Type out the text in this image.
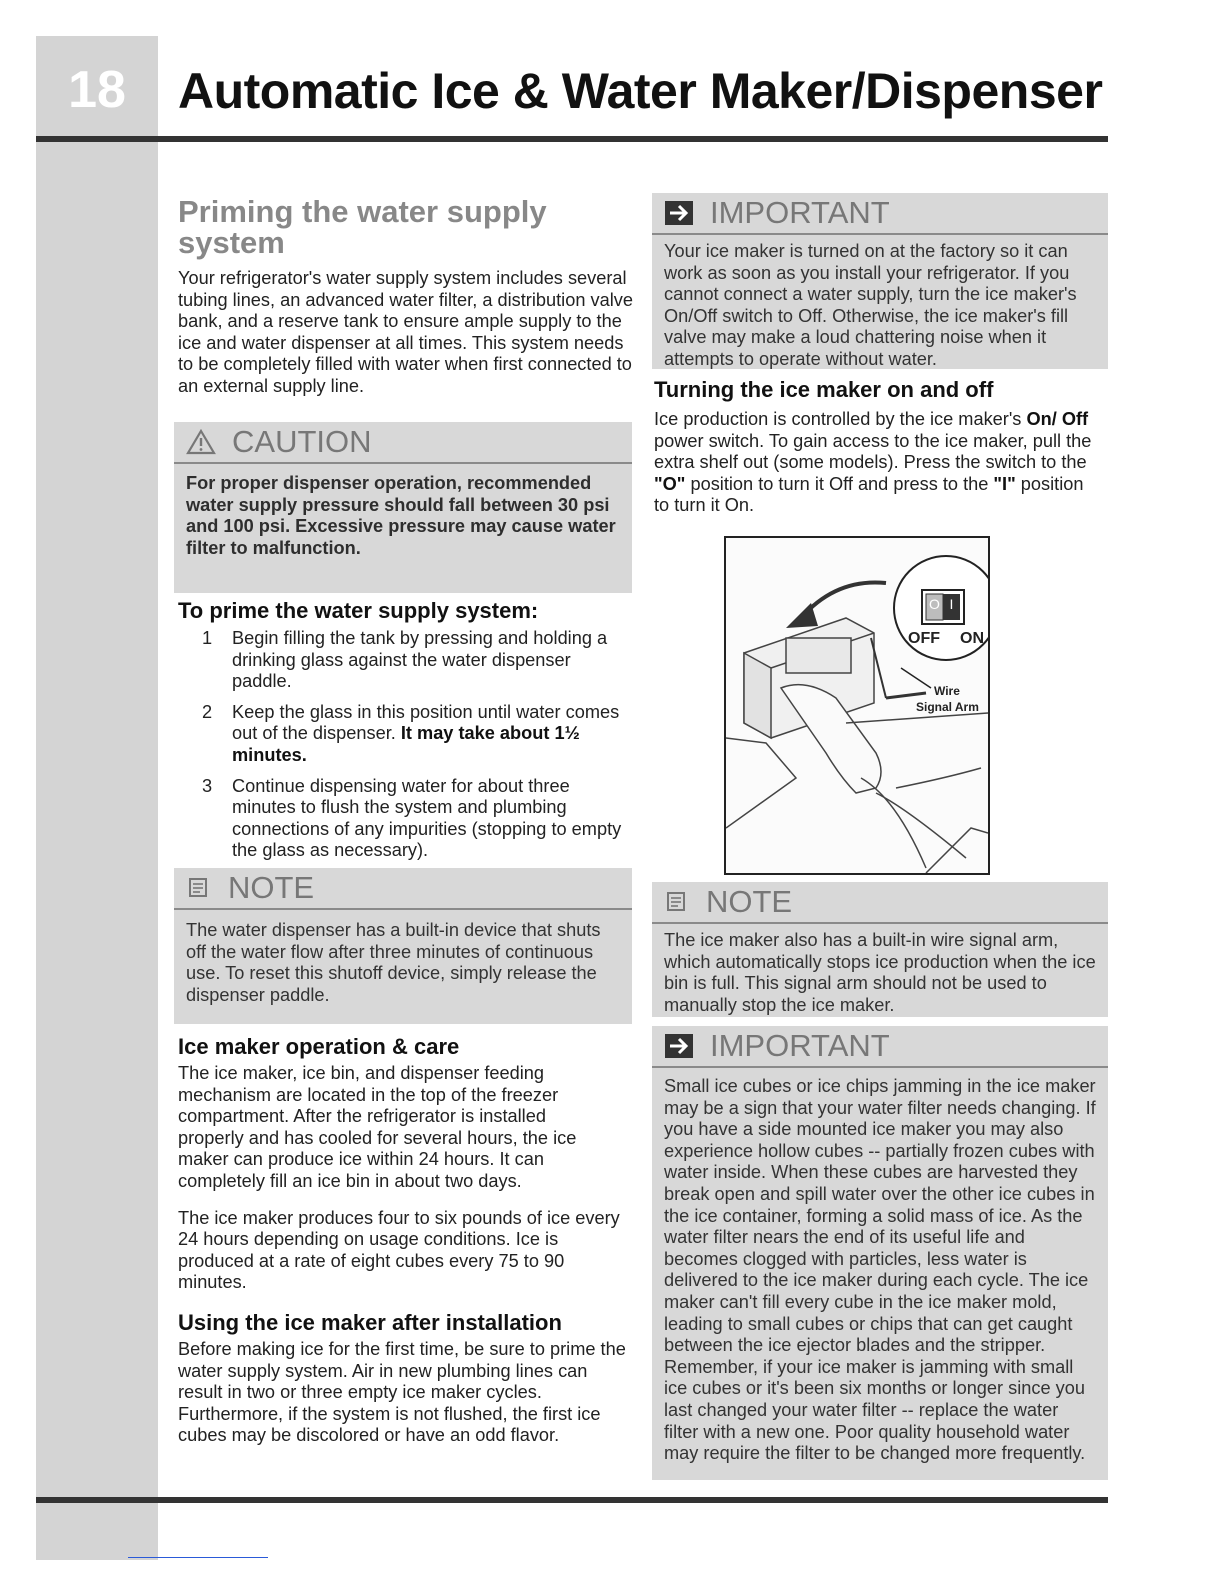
18	Automatic Ice & Water Maker/Dispenser
Priming the water supply system

Your refrigerator's water supply system includes several tubing lines, an advanced water filter, a distribution valve bank, and a reserve tank to ensure ample supply to the ice and water dispenser at all times. This system needs to be completely filled with water when first connected to an external supply line.

CAUTION
For proper dispenser operation, recommended water supply pressure should fall between 30 psi and 100 psi. Excessive pressure may cause water filter to malfunction.
To prime the water supply system:
1 Begin filling the tank by pressing and holding a drinking glass against the water dispenser paddle.
2 Keep the glass in this position until water comes out of the dispenser. It may take about 1½ minutes.
3 Continue dispensing water for about three minutes to flush the system and plumbing connections of any impurities (stopping to empty the glass as necessary).
NOTE
The water dispenser has a built-in device that shuts off the water flow after three minutes of continuous use. To reset this shutoff device, simply release the dispenser paddle.
Ice maker operation & care

The ice maker, ice bin, and dispenser feeding mechanism are located in the top of the freezer compartment. After the refrigerator is installed properly and has cooled for several hours, the ice maker can produce ice within 24 hours. It can completely fill an ice bin in about two days.

The ice maker produces four to six pounds of ice every 24 hours depending on usage conditions. Ice is produced at a rate of eight cubes every 75 to 90 minutes.

Using the ice maker after installation

Before making ice for the first time, be sure to prime the water supply system. Air in new plumbing lines can result in two or three empty ice maker cycles. Furthermore, if the system is not flushed, the first ice cubes may be discolored or have an odd flavor.

IMPORTANT
Your ice maker is turned on at the factory so it can work as soon as you install your refrigerator. If you cannot connect a water supply, turn the ice maker's On/Off switch to Off. Otherwise, the ice maker's fill valve may make a loud chattering noise when it attempts to operate without water.
Turning the ice maker on and off

Ice production is controlled by the ice maker's On/ Off power switch. To gain access to the ice maker, pull the extra shelf out (some models). Press the switch to the "O" position to turn it Off and press to the "I" position to turn it On.

O I
OFF ON
Wire
Signal Arm
NOTE
The ice maker also has a built-in wire signal arm, which automatically stops ice production when the ice bin is full. This signal arm should not be used to manually stop the ice maker.
IMPORTANT
Small ice cubes or ice chips jamming in the ice maker may be a sign that your water filter needs changing. If you have a side mounted ice maker you may also experience hollow cubes -- partially frozen cubes with water inside. When these cubes are harvested they break open and spill water over the other ice cubes in the ice container, forming a solid mass of ice. As the water filter nears the end of its useful life and becomes clogged with particles, less water is delivered to the ice maker during each cycle. The ice maker can't fill every cube in the ice maker mold, leading to small cubes or chips that can get caught between the ice ejector blades and the stripper. Remember, if your ice maker is jamming with small ice cubes or it's been six months or longer since you last changed your water filter -- replace the water filter with a new one. Poor quality household water may require the filter to be changed more frequently.
